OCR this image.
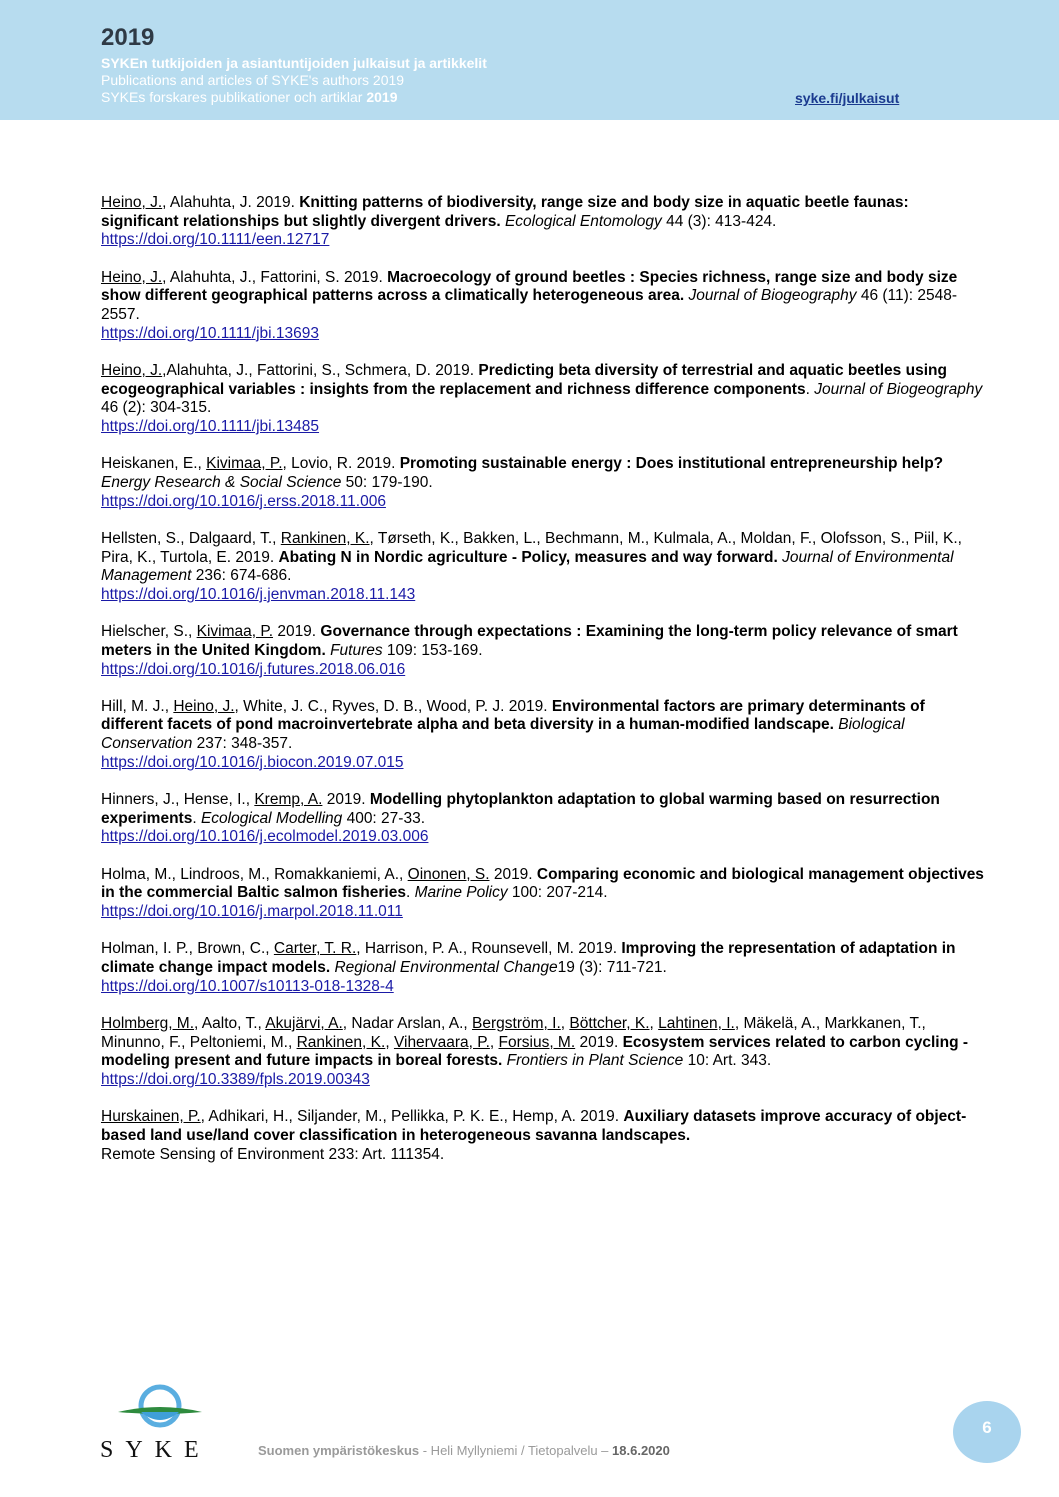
2019
SYKEn tutkijoiden ja asiantuntijoiden julkaisut ja artikkelit
Publications and articles of SYKE's authors 2019
SYKEs forskares publikationer och artiklar 2019	syke.fi/julkaisut
Heino, J., Alahuhta, J. 2019. Knitting patterns of biodiversity, range size and body size in aquatic beetle faunas: significant relationships but slightly divergent drivers. Ecological Entomology 44 (3): 413-424.
https://doi.org/10.1111/een.12717
Heino, J., Alahuhta, J., Fattorini, S. 2019. Macroecology of ground beetles : Species richness, range size and body size show different geographical patterns across a climatically heterogeneous area. Journal of Biogeography 46 (11): 2548-2557.
https://doi.org/10.1111/jbi.13693
Heino, J.,Alahuhta, J., Fattorini, S., Schmera, D. 2019. Predicting beta diversity of terrestrial and aquatic beetles using ecogeographical variables : insights from the replacement and richness difference components. Journal of Biogeography 46 (2): 304-315.
https://doi.org/10.1111/jbi.13485
Heiskanen, E., Kivimaa, P., Lovio, R. 2019. Promoting sustainable energy : Does institutional entrepreneurship help? Energy Research & Social Science 50: 179-190.
https://doi.org/10.1016/j.erss.2018.11.006
Hellsten, S., Dalgaard, T., Rankinen, K., Tørseth, K., Bakken, L., Bechmann, M., Kulmala, A., Moldan, F., Olofsson, S., Piil, K., Pira, K., Turtola, E. 2019. Abating N in Nordic agriculture - Policy, measures and way forward. Journal of Environmental Management 236: 674-686.
https://doi.org/10.1016/j.jenvman.2018.11.143
Hielscher, S., Kivimaa, P. 2019. Governance through expectations : Examining the long-term policy relevance of smart meters in the United Kingdom. Futures 109: 153-169.
https://doi.org/10.1016/j.futures.2018.06.016
Hill, M. J., Heino, J., White, J. C., Ryves, D. B., Wood, P. J. 2019. Environmental factors are primary determinants of different facets of pond macroinvertebrate alpha and beta diversity in a human-modified landscape. Biological Conservation 237: 348-357.
https://doi.org/10.1016/j.biocon.2019.07.015
Hinners, J., Hense, I., Kremp, A. 2019. Modelling phytoplankton adaptation to global warming based on resurrection experiments. Ecological Modelling 400: 27-33.
https://doi.org/10.1016/j.ecolmodel.2019.03.006
Holma, M., Lindroos, M., Romakkaniemi, A., Oinonen, S. 2019. Comparing economic and biological management objectives in the commercial Baltic salmon fisheries. Marine Policy 100: 207-214.
https://doi.org/10.1016/j.marpol.2018.11.011
Holman, I. P., Brown, C., Carter, T. R., Harrison, P. A., Rounsevell, M. 2019. Improving the representation of adaptation in climate change impact models. Regional Environmental Change19 (3): 711-721.
https://doi.org/10.1007/s10113-018-1328-4
Holmberg, M., Aalto, T., Akujärvi, A., Nadar Arslan, A., Bergström, I., Böttcher, K., Lahtinen, I., Mäkelä, A., Markkanen, T., Minunno, F., Peltoniemi, M., Rankinen, K., Vihervaara, P., Forsius, M. 2019. Ecosystem services related to carbon cycling - modeling present and future impacts in boreal forests. Frontiers in Plant Science 10: Art. 343.
https://doi.org/10.3389/fpls.2019.00343
Hurskainen, P., Adhikari, H., Siljander, M., Pellikka, P. K. E., Hemp, A. 2019. Auxiliary datasets improve accuracy of object-based land use/land cover classification in heterogeneous savanna landscapes.
Remote Sensing of Environment 233: Art. 111354.
SYKE	Suomen ympäristökeskus - Heli Myllyniemi / Tietopalvelu – 18.6.2020
6
